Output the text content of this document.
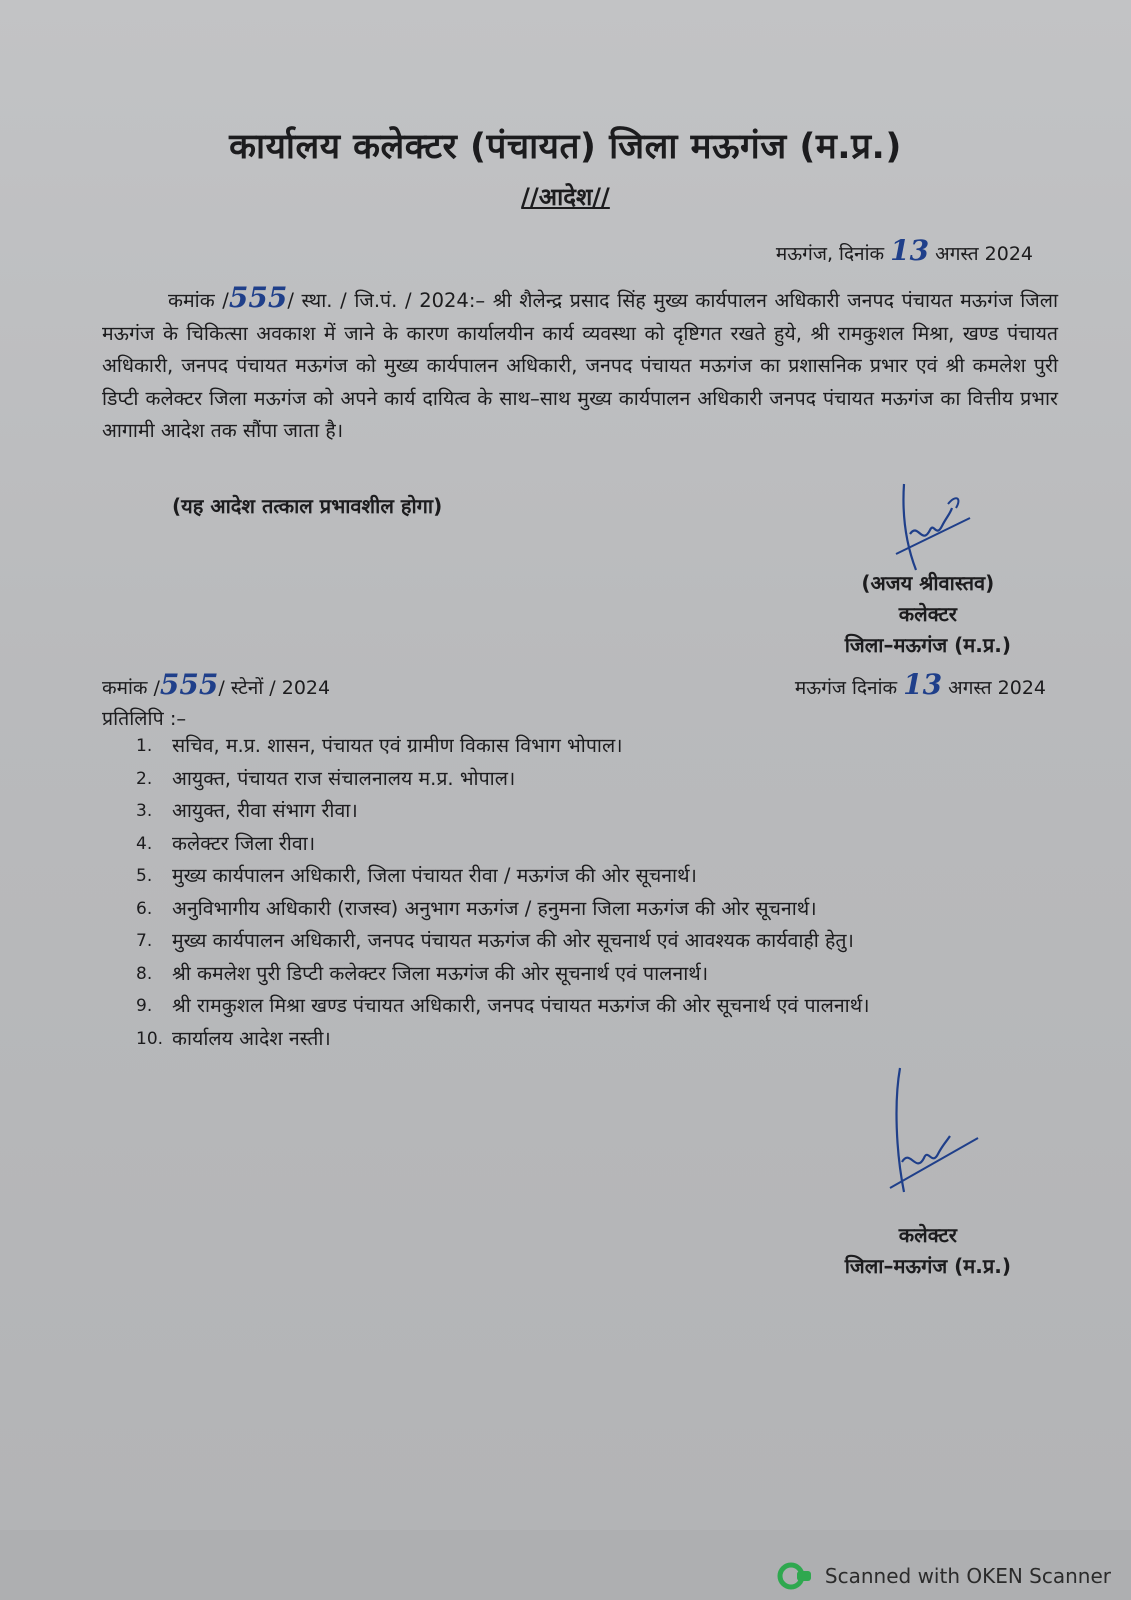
कार्यालय कलेक्टर (पंचायत) जिला मऊगंज (म.प्र.)
//आदेश//
मऊगंज, दिनांक 13 अगस्त 2024
कमांक /555/ स्था. / जि.पं. / 2024:– श्री शैलेन्द्र प्रसाद सिंह मुख्य कार्यपालन अधिकारी जनपद पंचायत मऊगंज जिला मऊगंज के चिकित्सा अवकाश में जाने के कारण कार्यालयीन कार्य व्यवस्था को दृष्टिगत रखते हुये, श्री रामकुशल मिश्रा, खण्ड पंचायत अधिकारी, जनपद पंचायत मऊगंज को मुख्य कार्यपालन अधिकारी, जनपद पंचायत मऊगंज का प्रशासनिक प्रभार एवं श्री कमलेश पुरी डिप्टी कलेक्टर जिला मऊगंज को अपने कार्य दायित्व के साथ–साथ मुख्य कार्यपालन अधिकारी जनपद पंचायत मऊगंज का वित्तीय प्रभार आगामी आदेश तक सौंपा जाता है।
(यह आदेश तत्काल प्रभावशील होगा)
(अजय श्रीवास्तव)
कलेक्टर
जिला–मऊगंज (म.प्र.)
कमांक /555/ स्टेनों / 2024	मऊगंज दिनांक 13 अगस्त 2024
प्रतिलिपि :–
1.	सचिव, म.प्र. शासन, पंचायत एवं ग्रामीण विकास विभाग भोपाल।
2.	आयुक्त, पंचायत राज संचालनालय म.प्र. भोपाल।
3.	आयुक्त, रीवा संभाग रीवा।
4.	कलेक्टर जिला रीवा।
5.	मुख्य कार्यपालन अधिकारी, जिला पंचायत रीवा / मऊगंज की ओर सूचनार्थ।
6.	अनुविभागीय अधिकारी (राजस्व) अनुभाग मऊगंज / हनुमना जिला मऊगंज की ओर सूचनार्थ।
7.	मुख्य कार्यपालन अधिकारी, जनपद पंचायत मऊगंज की ओर सूचनार्थ एवं आवश्यक कार्यवाही हेतु।
8.	श्री कमलेश पुरी डिप्टी कलेक्टर जिला मऊगंज की ओर सूचनार्थ एवं पालनार्थ।
9.	श्री रामकुशल मिश्रा खण्ड पंचायत अधिकारी, जनपद पंचायत मऊगंज की ओर सूचनार्थ एवं पालनार्थ।
10. कार्यालय आदेश नस्ती।
कलेक्टर
जिला–मऊगंज (म.प्र.)
Scanned with OKEN Scanner
